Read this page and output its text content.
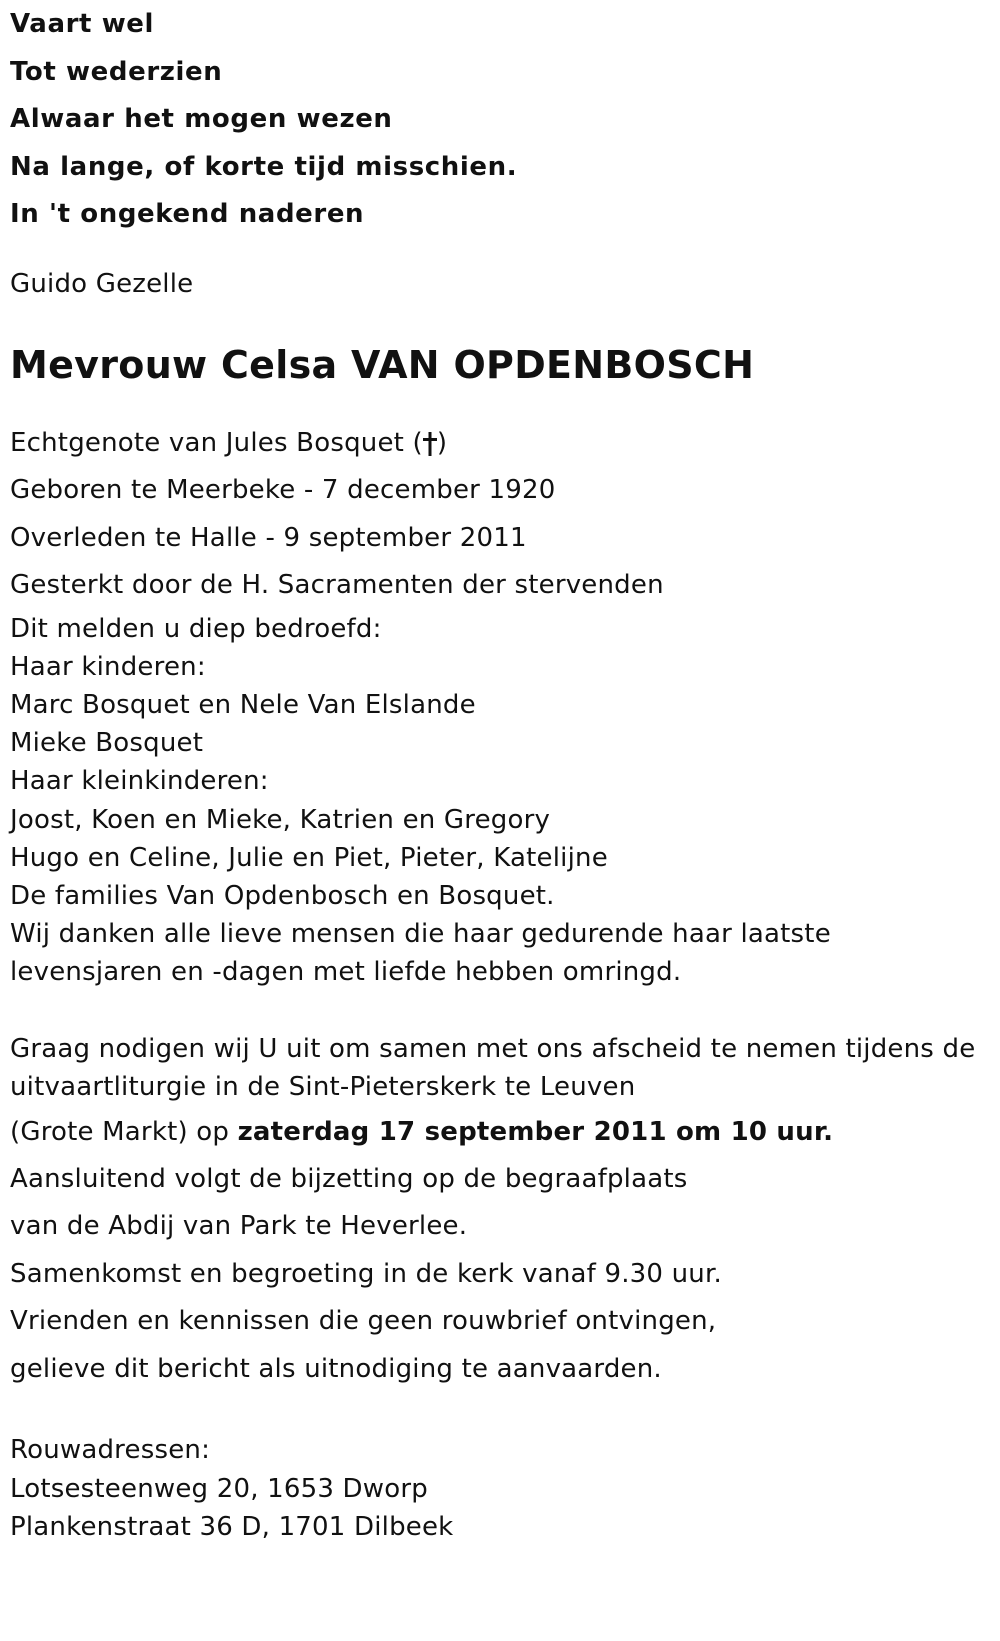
Vaart wel
Tot wederzien
Alwaar het mogen wezen
Na lange, of korte tijd misschien.
In 't ongekend naderen
Guido Gezelle
Mevrouw Celsa VAN OPDENBOSCH
Echtgenote van Jules Bosquet ( )
Geboren te Meerbeke - 7 december 1920
Overleden te Halle - 9 september 2011
Gesterkt door de H. Sacramenten der stervenden
Dit melden u diep bedroefd:
Haar kinderen:
Marc Bosquet en Nele Van Elslande
Mieke Bosquet
Haar kleinkinderen:
Joost, Koen en Mieke, Katrien en Gregory
Hugo en Celine, Julie en Piet, Pieter, Katelijne
De families Van Opdenbosch en Bosquet.
Wij danken alle lieve mensen die haar gedurende haar laatste
levensjaren en -dagen met liefde hebben omringd.
Graag nodigen wij U uit om samen met ons afscheid te nemen tijdens de
uitvaartliturgie in de Sint-Pieterskerk te Leuven
(Grote Markt) op zaterdag 17 september 2011 om 10 uur.
Aansluitend volgt de bijzetting op de begraafplaats
van de Abdij van Park te Heverlee.
Samenkomst en begroeting in de kerk vanaf 9.30 uur.
Vrienden en kennissen die geen rouwbrief ontvingen,
gelieve dit bericht als uitnodiging te aanvaarden.
Rouwadressen:
Lotsesteenweg 20, 1653 Dworp
Plankenstraat 36 D, 1701 Dilbeek
